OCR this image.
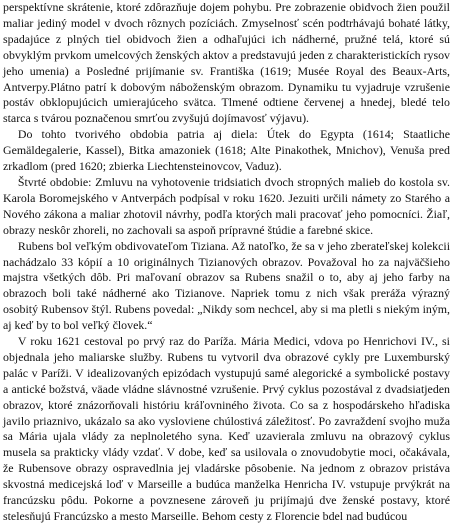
perspektívne skrátenie, ktoré zdôrazňuje dojem pohybu. Pre zobrazenie obidvoch žien použil maliar jediný model v dvoch rôznych pozíciách. Zmyselnosť scén podtrhávajú bohaté látky, spadajúce z plných tiel obidvoch žien a odhaľujúci ich nádherné, pružné telá, ktoré sú obvyklým prvkom umelcových ženských aktov a predstavujú jeden z charakteristickích rysov jeho umenia) a Posledné prijímanie sv. Františka (1619; Musée Royal des Beaux-Arts, Antverpy.Plátno patrí k dobovým náboženským obrazom. Dynamiku tu vyjadruje vzrušenie postáv obklopujúcich umierajúceho svätca. Tlmené odtiene červenej a hnedej, bledé telo starca s tvárou poznačenou smrťou zvyšujú dojímavosť výjavu).

Do tohto tvorivého obdobia patria aj diela: Útek do Egypta (1614; Staatliche Gemäldegalerie, Kassel), Bitka amazoniek (1618; Alte Pinakothek, Mnichov), Venuša pred zrkadlom (pred 1620; zbierka Liechtensteinovcov, Vaduz).

Štvrté obdobie: Zmluvu na vyhotovenie tridsiatich dvoch stropných malieb do kostola sv. Karola Boromejského v Antverpách podpísal v roku 1620. Jezuiti určili námety zo Starého a Nového zákona a maliar zhotovil návrhy, podľa ktorých mali pracovať jeho pomocníci. Žiaľ, obrazy neskôr zhoreli, no zachovali sa aspoň prípravné štúdie a farebné skice.

Rubens bol veľkým obdivovateľom Tiziana. Až natoľko, že sa v jeho zberateľskej kolekcii nachádzalo 33 kópií a 10 originálnych Tizianových obrazov. Považoval ho za najväčšieho majstra všetkých dôb. Pri maľovaní obrazov sa Rubens snažil o to, aby aj jeho farby na obrazoch boli také nádherné ako Tizianove. Napriek tomu z nich však preráža výrazný osobitý Rubensov štýl. Rubens povedal: „Nikdy som nechcel, aby si ma pletli s niekým iným, aj keď by to bol veľký človek.“

V roku 1621 cestoval po prvý raz do Paríža. Mária Medici, vdova po Henrichovi IV., si objednala jeho maliarske služby. Rubens tu vytvoril dva obrazové cykly pre Luxemburský palác v Paríži. V idealizovaných epizódach vystupujú samé alegorické a symbolické postavy a antické božstvá, väade vládne slávnostné vzrušenie. Prvý cyklus pozostával z dvadsiatjeden obrazov, ktoré znázorňovali históriu kráľovniného života. Co sa z hospodárskeho hľadiska javilo priaznivo, ukázalo sa ako vysloviene chúlostivá záležitosť. Po zavraždení svojho muža sa Mária ujala vlády za neplnoletého syna. Keď uzavierala zmluvu na obrazový cyklus musela sa prakticky vlády vzdať. V dobe, keď sa usilovala o znovudobytie moci, očakávala, že Rubensove obrazy ospravedlnia jej vladárske pôsobenie. Na jednom z obrazov pristáva skvostná medicejská loď v Marseille a budúca manželka Henricha IV. vstupuje prvýkrát na francúzsku pôdu. Pokorne a povznesene zároveň ju prijímajú dve ženské postavy, ktoré stelesňujú Francúzsko a mesto Marseille. Behom cesty z Florencie bdel nad budúcou
